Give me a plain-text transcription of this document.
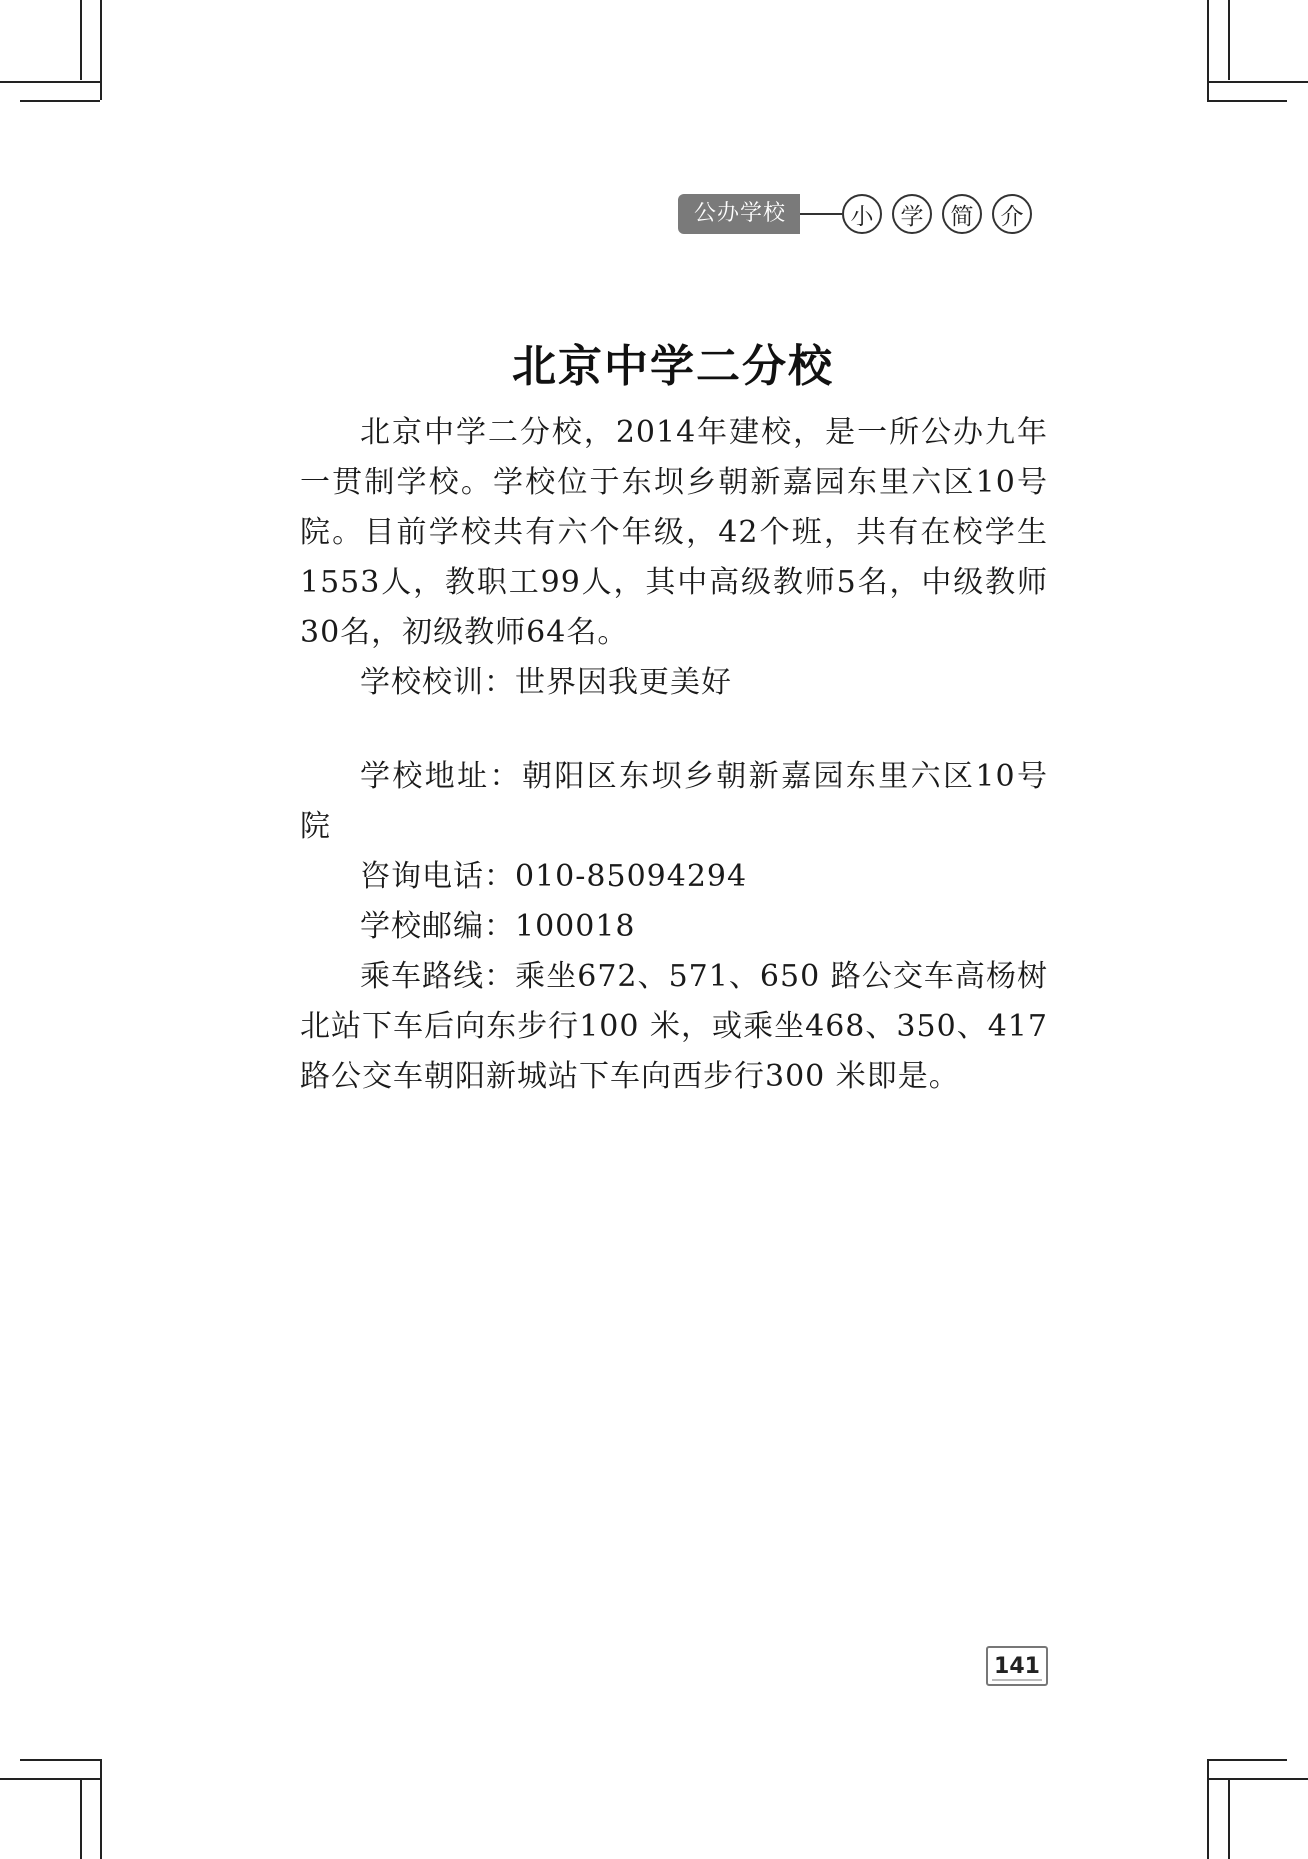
公办学校	小	学	简	介
北京中学二分校

北京中学二分校，2014年建校，是一所公办九年一贯制学校。学校位于东坝乡朝新嘉园东里六区10号院。目前学校共有六个年级，42个班，共有在校学生1553人，教职工99人，其中高级教师5名，中级教师30名，初级教师64名。

学校校训：世界因我更美好

学校地址：朝阳区东坝乡朝新嘉园东里六区10号院

咨询电话：010-85094294

学校邮编：100018

乘车路线：乘坐672、571、650 路公交车高杨树北站下车后向东步行100 米，或乘坐468、350、417路公交车朝阳新城站下车向西步行300 米即是。

141
